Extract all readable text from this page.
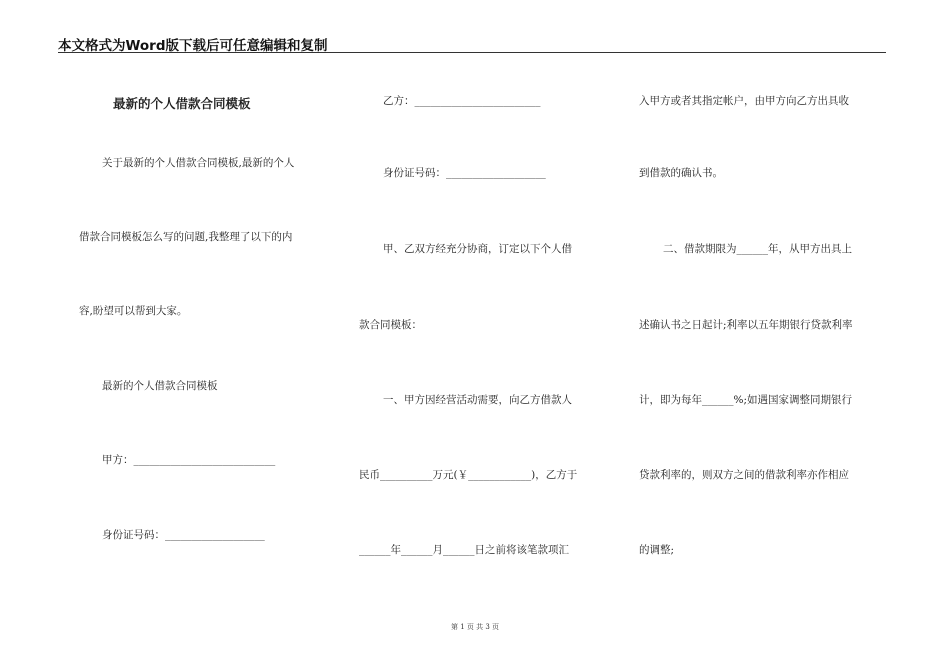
本文格式为Word版下载后可任意编辑和复制
最新的个人借款合同模板
关于最新的个人借款合同模板,最新的个人
借款合同模板怎么写的问题,我整理了以下的内
容,盼望可以帮到大家。
最新的个人借款合同模板
甲方：___________________________
身份证号码：___________________
乙方：________________________
身份证号码：___________________
甲、乙双方经充分协商，订定以下个人借
款合同模板：
一、甲方因经营活动需要，向乙方借款人
民币__________万元(￥____________)，乙方于
______年______月______日之前将该笔款项汇
入甲方或者其指定帐户，由甲方向乙方出具收
到借款的确认书。
二、借款期限为______年，从甲方出具上
述确认书之日起计;利率以五年期银行贷款利率
计，即为每年______%;如遇国家调整同期银行
贷款利率的，则双方之间的借款利率亦作相应
的调整;
第 1 页 共 3 页
